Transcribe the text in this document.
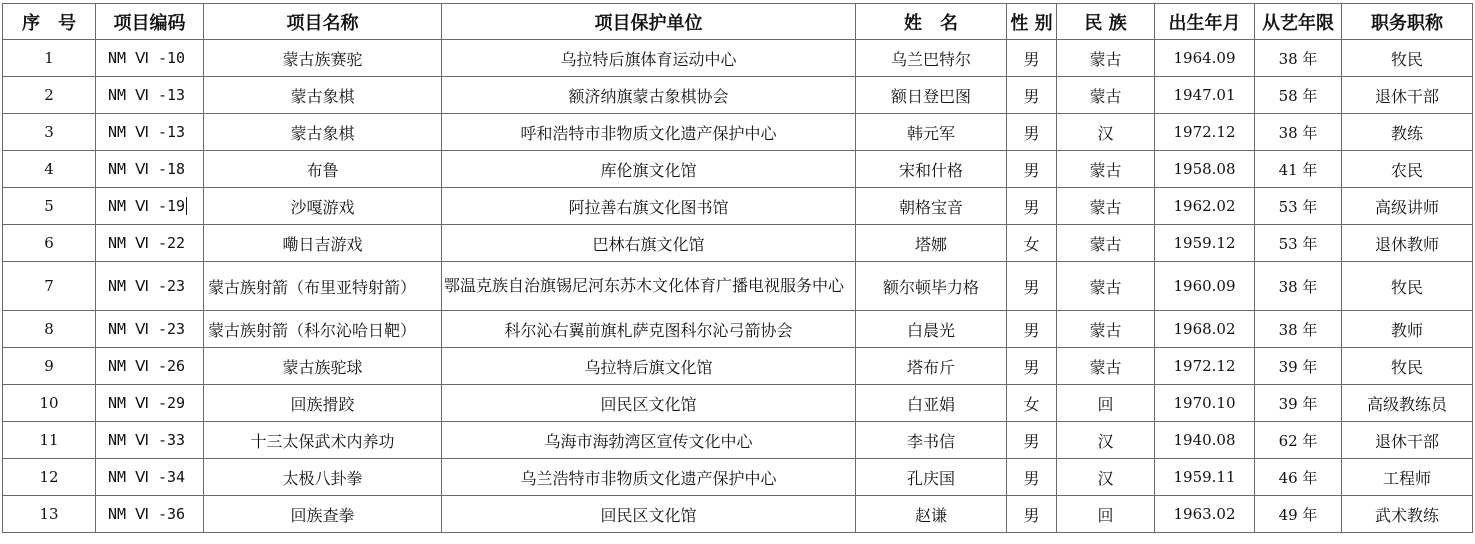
序　号	项目编码	项目名称	项目保护单位	姓　名	性 别	民 族	出生年月	从艺年限	职务职称
1	NM Ⅵ -10	蒙古族赛驼	乌拉特后旗体育运动中心	乌兰巴特尔	男	蒙古	1964.09	38 年	牧民
2	NM Ⅵ -13	蒙古象棋	额济纳旗蒙古象棋协会	额日登巴图	男	蒙古	1947.01	58 年	退休干部
3	NM Ⅵ -13	蒙古象棋	呼和浩特市非物质文化遗产保护中心	韩元军	男	汉	1972.12	38 年	教练
4	NM Ⅵ -18	布鲁	库伦旗文化馆	宋和什格	男	蒙古	1958.08	41 年	农民
5	NM Ⅵ -19	沙嘎游戏	阿拉善右旗文化图书馆	朝格宝音	男	蒙古	1962.02	53 年	高级讲师
6	NM Ⅵ -22	嘞日吉游戏	巴林右旗文化馆	塔娜	女	蒙古	1959.12	53 年	退休教师
7	NM Ⅵ -23	蒙古族射箭（布里亚特射箭）	鄂温克族自治旗锡尼河东苏木文化体育广播电视服务中心	额尔顿毕力格	男	蒙古	1960.09	38 年	牧民
8	NM Ⅵ -23	蒙古族射箭（科尔沁哈日靶）	科尔沁右翼前旗札萨克图科尔沁弓箭协会	白晨光	男	蒙古	1968.02	38 年	教师
9	NM Ⅵ -26	蒙古族驼球	乌拉特后旗文化馆	塔布斤	男	蒙古	1972.12	39 年	牧民
10	NM Ⅵ -29	回族搰跤	回民区文化馆	白亚娟	女	回	1970.10	39 年	高级教练员
11	NM Ⅵ -33	十三太保武术内养功	乌海市海勃湾区宣传文化中心	李书信	男	汉	1940.08	62 年	退休干部
12	NM Ⅵ -34	太极八卦拳	乌兰浩特市非物质文化遗产保护中心	孔庆国	男	汉	1959.11	46 年	工程师
13	NM Ⅵ -36	回族查拳	回民区文化馆	赵谦	男	回	1963.02	49 年	武术教练
